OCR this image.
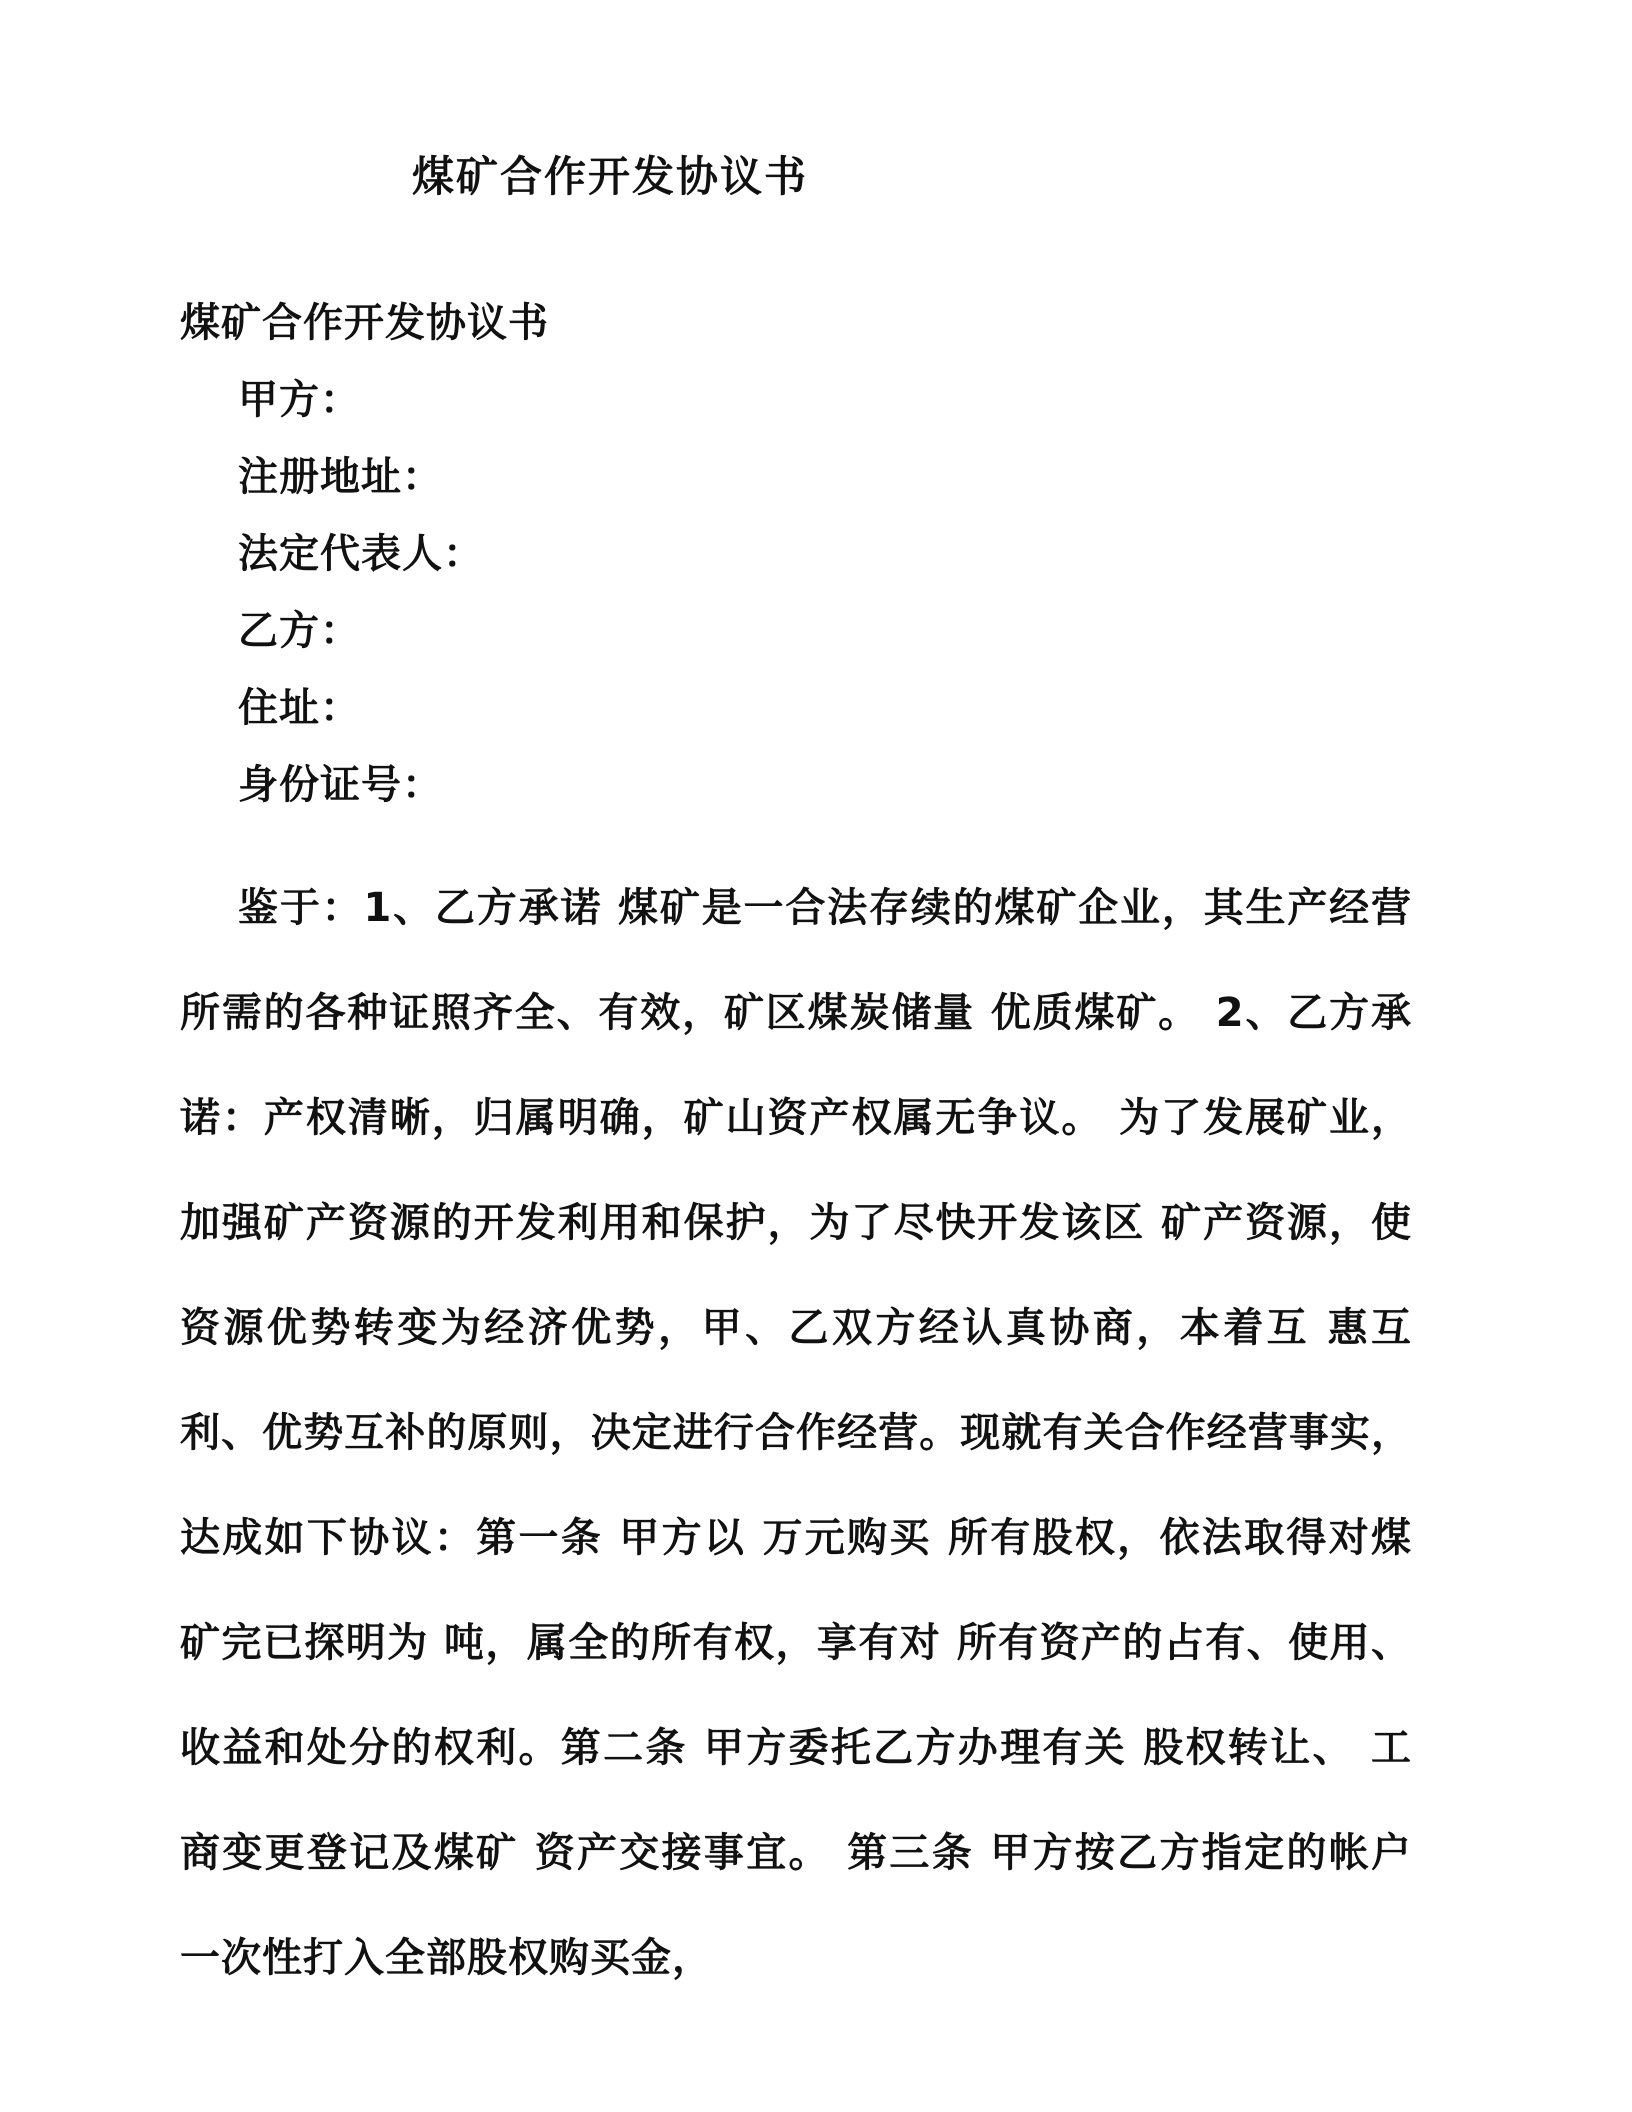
煤矿合作开发协议书

煤矿合作开发协议书

甲方：

注册地址：

法定代表人：

乙方：

住址：

身份证号：

鉴于：1、乙方承诺 煤矿是一合法存续的煤矿企业，其生产经营所需的各种证照齐全、有效，矿区煤炭储量 优质煤矿。 2、乙方承诺：产权清晰，归属明确，矿山资产权属无争议。 为了发展矿业，加强矿产资源的开发利用和保护，为了尽快开发该区 矿产资源，使资源优势转变为经济优势，甲、乙双方经认真协商，本着互 惠互利、优势互补的原则，决定进行合作经营。现就有关合作经营事实， 达成如下协议：第一条 甲方以 万元购买 所有股权，依法取得对煤矿完已探明为 吨，属全的所有权，享有对 所有资产的占有、使用、收益和处分的权利。第二条 甲方委托乙方办理有关 股权转让、 工商变更登记及煤矿 资产交接事宜。 第三条 甲方按乙方指定的帐户一次性打入全部股权购买金，
